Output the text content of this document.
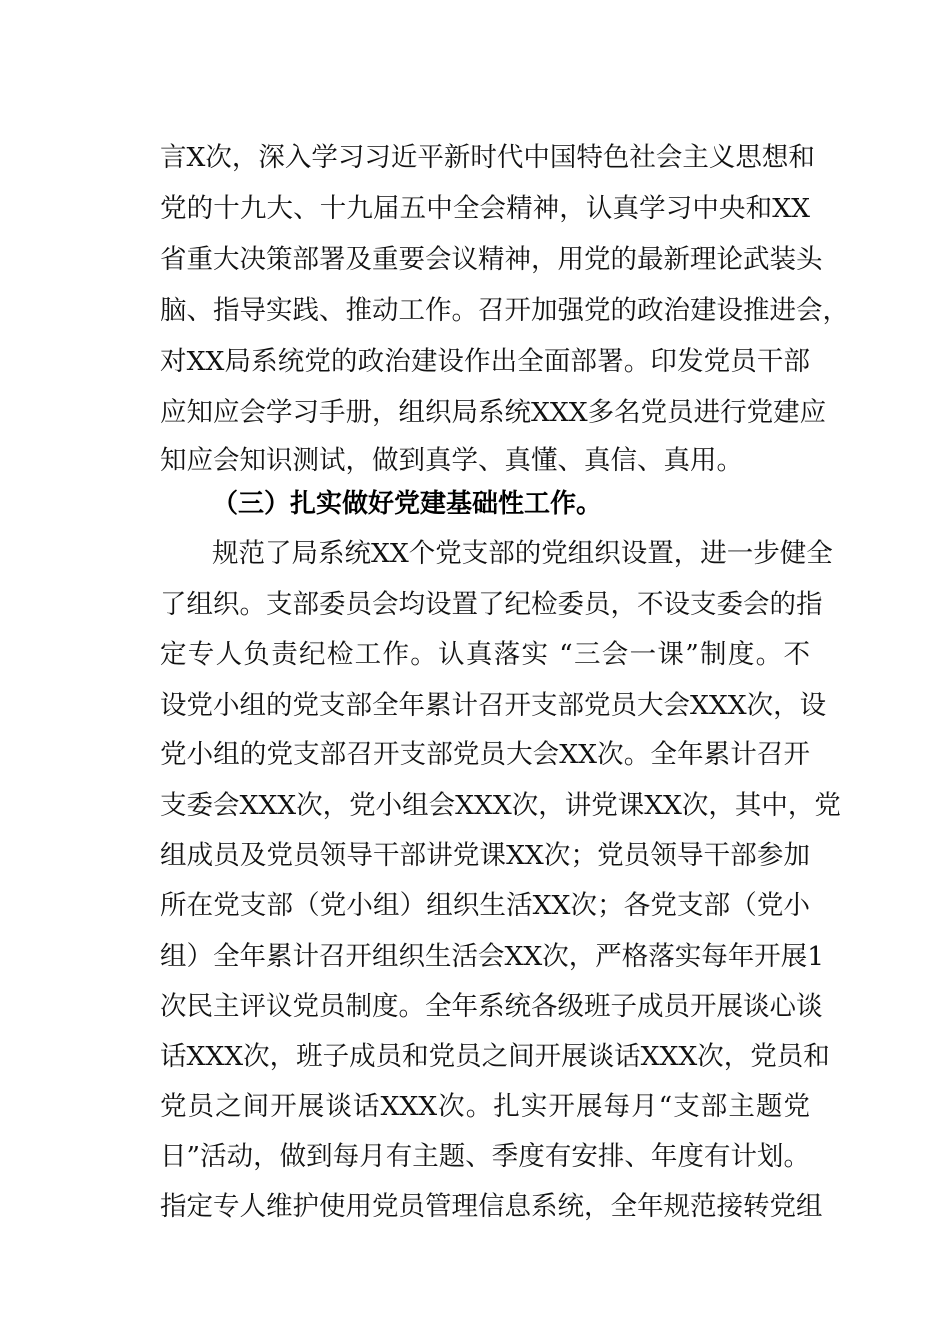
言X次，深入学习习近平新时代中国特色社会主义思想和
党的十九大、十九届五中全会精神，认真学习中央和XX
省重大决策部署及重要会议精神，用党的最新理论武装头
脑、指导实践、推动工作。召开加强党的政治建设推进会，
对XX局系统党的政治建设作出全面部署。印发党员干部
应知应会学习手册，组织局系统XXX多名党员进行党建应
知应会知识测试，做到真学、真懂、真信、真用。
（三）扎实做好党建基础性工作。
规范了局系统XX个党支部的党组织设置，进一步健全
了组织。支部委员会均设置了纪检委员，不设支委会的指
定专人负责纪检工作。认真落实 “三会一课”制度。不
设党小组的党支部全年累计召开支部党员大会XXX次，设
党小组的党支部召开支部党员大会XX次。全年累计召开
支委会XXX次，党小组会XXX次，讲党课XX次，其中，党
组成员及党员领导干部讲党课XX次；党员领导干部参加
所在党支部（党小组）组织生活XX次；各党支部（党小
组）全年累计召开组织生活会XX次，严格落实每年开展1
次民主评议党员制度。全年系统各级班子成员开展谈心谈
话XXX次，班子成员和党员之间开展谈话XXX次，党员和
党员之间开展谈话XXX次。扎实开展每月“支部主题党
日”活动，做到每月有主题、季度有安排、年度有计划。
指定专人维护使用党员管理信息系统，全年规范接转党组
